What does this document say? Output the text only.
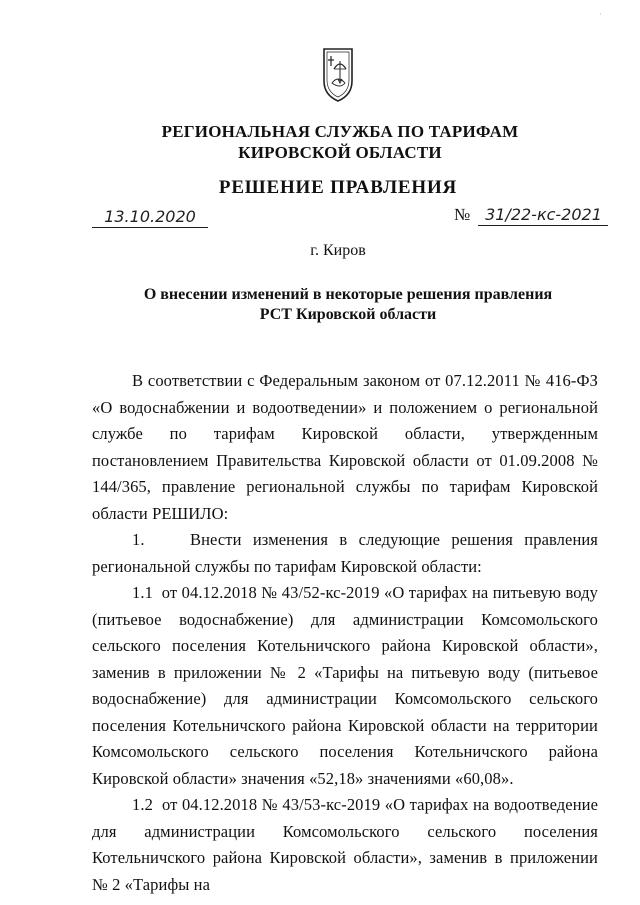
·
РЕГИОНАЛЬНАЯ СЛУЖБА ПО ТАРИФАМ
КИРОВСКОЙ ОБЛАСТИ
РЕШЕНИЕ ПРАВЛЕНИЯ
13.10.2020	№ 31/22-кс-2021
г. Киров
О внесении изменений в некоторые решения правления РСТ Кировской области

В соответствии с Федеральным законом от 07.12.2011 № 416-ФЗ «О водоснабжении и водоотведении» и положением о региональной службе по тарифам Кировской области, утвержденным постановлением Правительства Кировской области от 01.09.2008 № 144/365, правление региональной службы по тарифам Кировской области РЕШИЛО:

1.    Внести изменения в следующие решения правления региональной службы по тарифам Кировской области:

1.1  от 04.12.2018 № 43/52-кс-2019 «О тарифах на питьевую воду (питьевое водоснабжение) для администрации Комсомольского сельского поселения Котельничского района Кировской области», заменив в приложении № 2 «Тарифы на питьевую воду (питьевое водоснабжение) для администрации Комсомольского сельского поселения Котельничского района Кировской области на территории Комсомольского сельского поселения Котельничского района Кировской области» значения «52,18» значениями «60,08».

1.2  от 04.12.2018 № 43/53-кс-2019 «О тарифах на водоотведение для администрации Комсомольского сельского поселения Котельничского района Кировской области», заменив в приложении № 2 «Тарифы на
